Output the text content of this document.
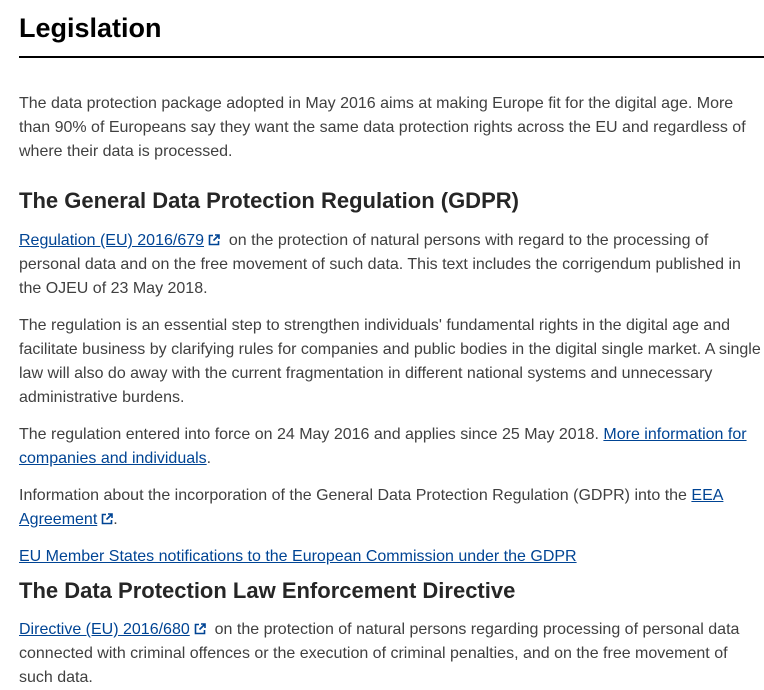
Legislation

The data protection package adopted in May 2016 aims at making Europe fit for the digital age. More than 90% of Europeans say they want the same data protection rights across the EU and regardless of where their data is processed.

The General Data Protection Regulation (GDPR)

Regulation (EU) 2016/679 on the protection of natural persons with regard to the processing of personal data and on the free movement of such data. This text includes the corrigendum published in the OJEU of 23 May 2018.

The regulation is an essential step to strengthen individuals' fundamental rights in the digital age and facilitate business by clarifying rules for companies and public bodies in the digital single market. A single law will also do away with the current fragmentation in different national systems and unnecessary administrative burdens.

The regulation entered into force on 24 May 2016 and applies since 25 May 2018. More information for companies and individuals.

Information about the incorporation of the General Data Protection Regulation (GDPR) into the EEA Agreement .

EU Member States notifications to the European Commission under the GDPR

The Data Protection Law Enforcement Directive

Directive (EU) 2016/680 on the protection of natural persons regarding processing of personal data connected with criminal offences or the execution of criminal penalties, and on the free movement of such data.
